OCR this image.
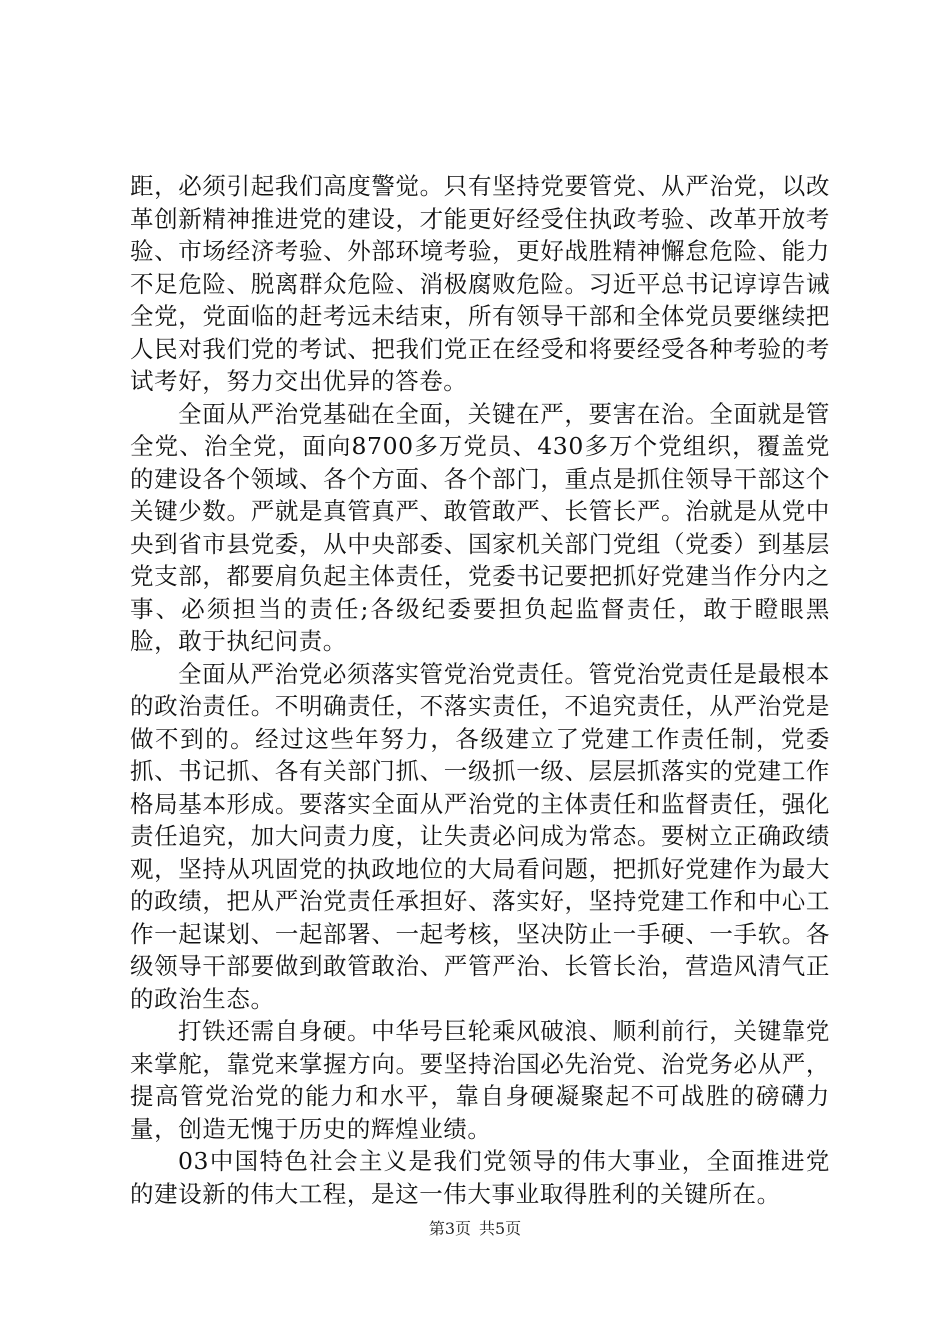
距，必须引起我们高度警觉。只有坚持党要管党、从严治党，以改革创新精神推进党的建设，才能更好经受住执政考验、改革开放考验、市场经济考验、外部环境考验，更好战胜精神懈怠危险、能力不足危险、脱离群众危险、消极腐败危险。习近平总书记谆谆告诫全党，党面临的赶考远未结束，所有领导干部和全体党员要继续把人民对我们党的考试、把我们党正在经受和将要经受各种考验的考试考好，努力交出优异的答卷。

全面从严治党基础在全面，关键在严，要害在治。全面就是管全党、治全党，面向8700多万党员、430多万个党组织，覆盖党的建设各个领域、各个方面、各个部门，重点是抓住领导干部这个关键少数。严就是真管真严、敢管敢严、长管长严。治就是从党中央到省市县党委，从中央部委、国家机关部门党组（党委）到基层党支部，都要肩负起主体责任，党委书记要把抓好党建当作分内之事、必须担当的责任;各级纪委要担负起监督责任，敢于瞪眼黑脸，敢于执纪问责。

全面从严治党必须落实管党治党责任。管党治党责任是最根本的政治责任。不明确责任，不落实责任，不追究责任，从严治党是做不到的。经过这些年努力，各级建立了党建工作责任制，党委抓、书记抓、各有关部门抓、一级抓一级、层层抓落实的党建工作格局基本形成。要落实全面从严治党的主体责任和监督责任，强化责任追究，加大问责力度，让失责必问成为常态。要树立正确政绩观，坚持从巩固党的执政地位的大局看问题，把抓好党建作为最大的政绩，把从严治党责任承担好、落实好，坚持党建工作和中心工作一起谋划、一起部署、一起考核，坚决防止一手硬、一手软。各级领导干部要做到敢管敢治、严管严治、长管长治，营造风清气正的政治生态。

打铁还需自身硬。中华号巨轮乘风破浪、顺利前行，关键靠党来掌舵，靠党来掌握方向。要坚持治国必先治党、治党务必从严，提高管党治党的能力和水平，靠自身硬凝聚起不可战胜的磅礴力量，创造无愧于历史的辉煌业绩。

03中国特色社会主义是我们党领导的伟大事业，全面推进党的建设新的伟大工程，是这一伟大事业取得胜利的关键所在。

第3页 共5页
